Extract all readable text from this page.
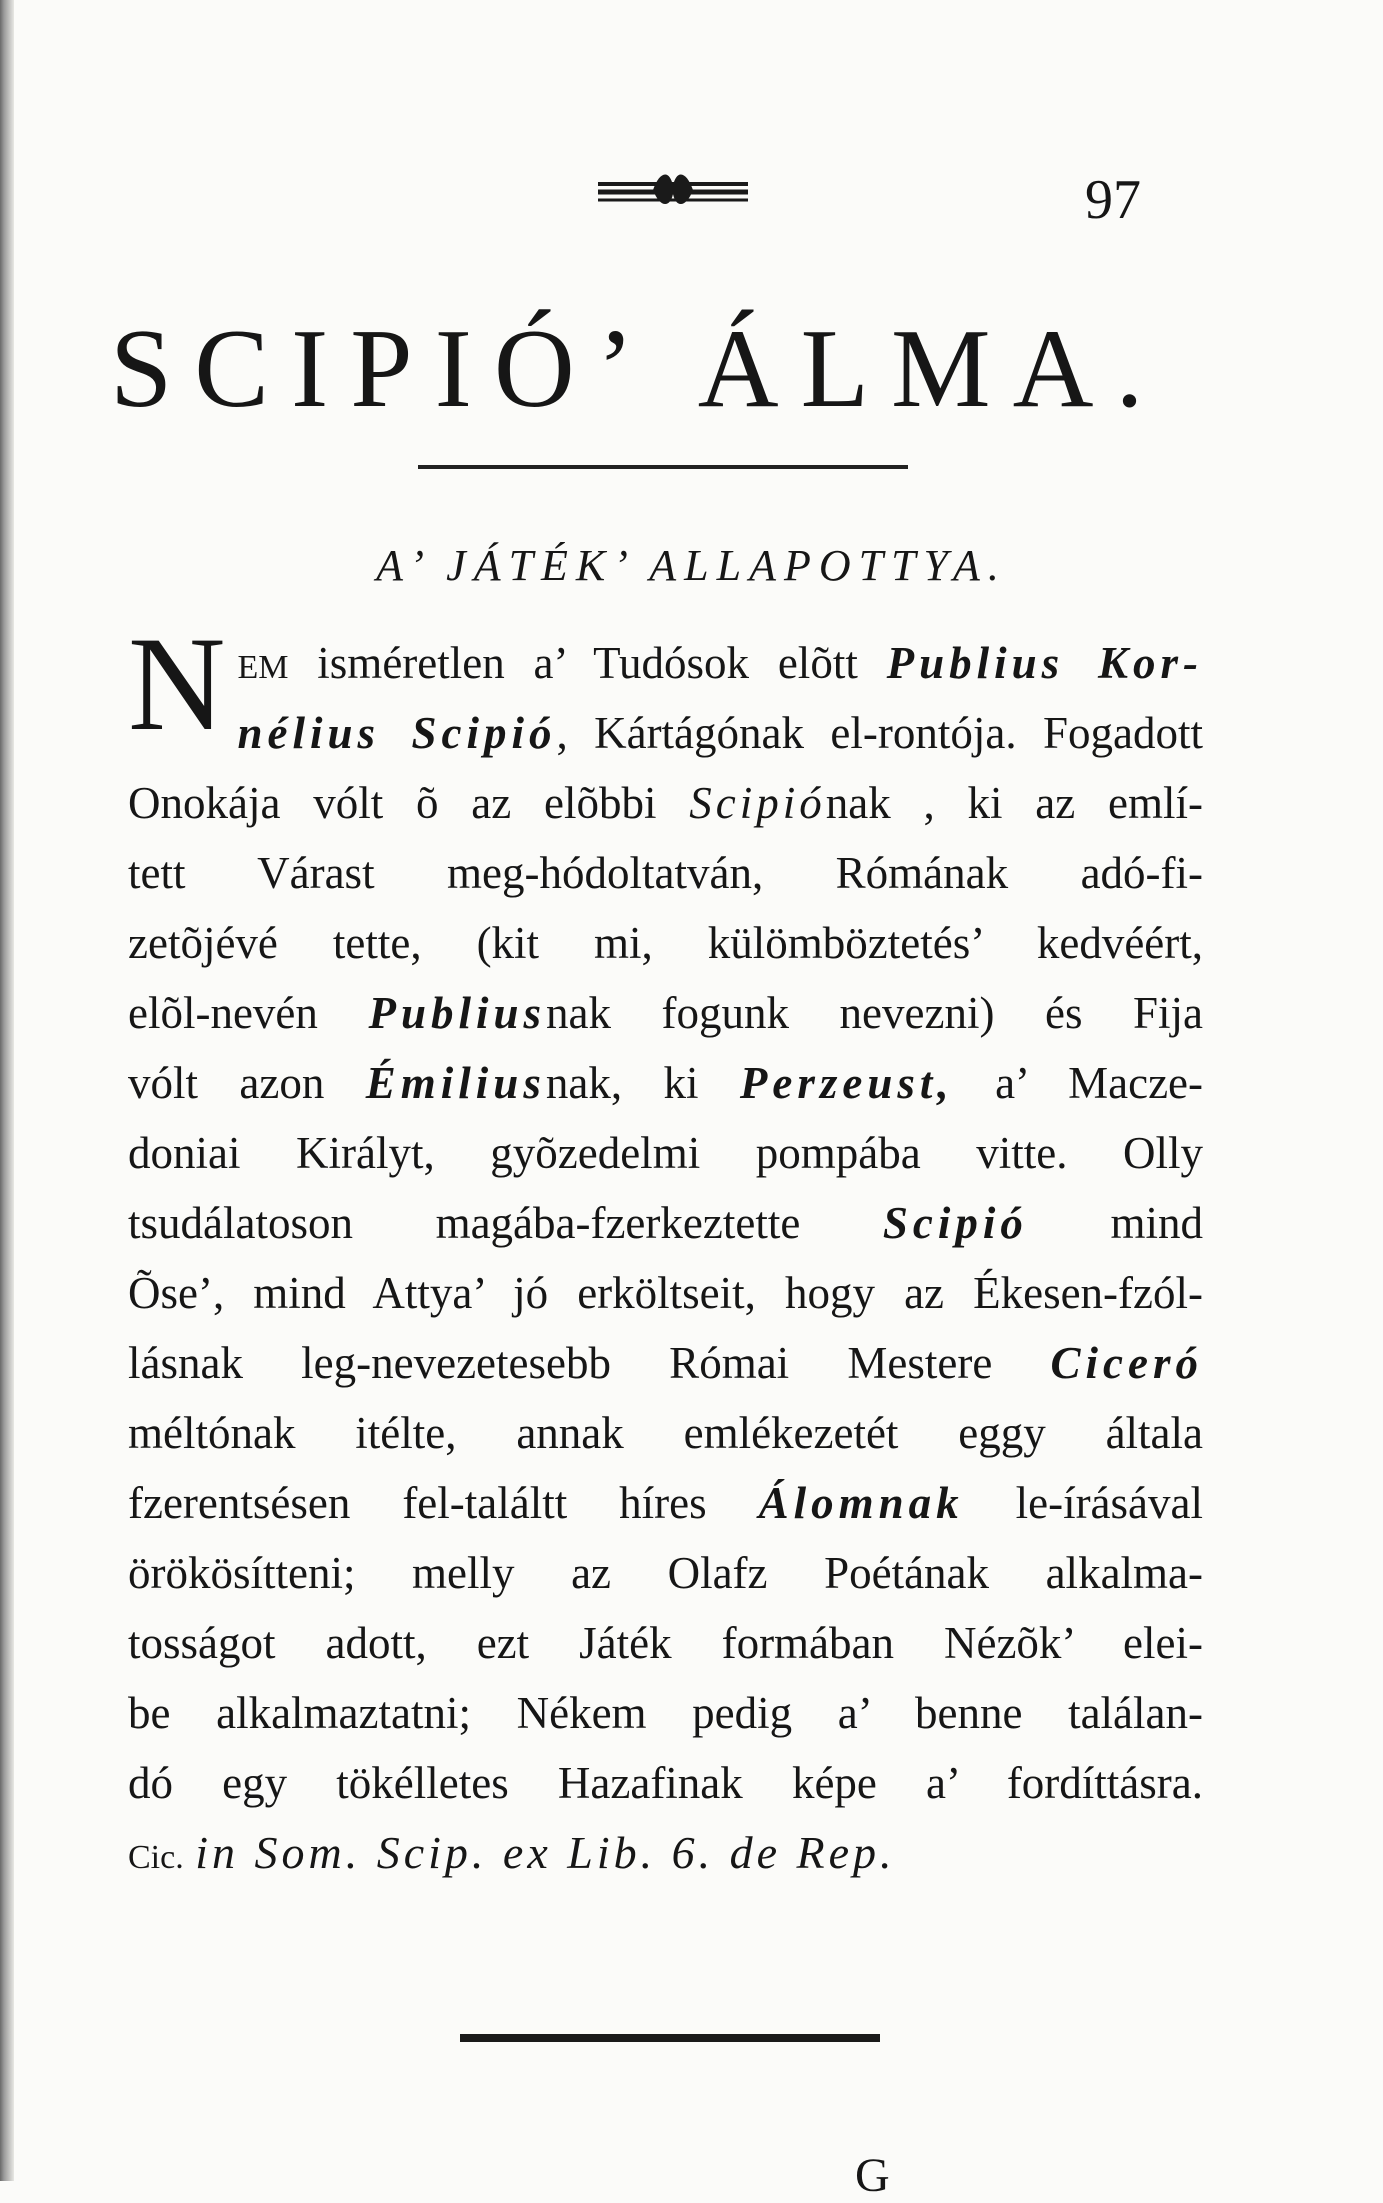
97
SCIPIÓ’ ÁLMA.
A’ JÁTÉK’ ALLAPOTTYA.
N EM isméretlen a’ Tudósok elõtt Publius Kor-
nélius Scipió, Kártágónak el-rontója. Fogadott
Onokája vólt õ az elõbbi Scipiónak , ki az emlí-
tett Várast meg-hódoltatván, Rómának adó-fi-
zetõjévé tette, (kit mi, külömböztetés’ kedvéért,
elõl-nevén Publiusnak fogunk nevezni) és Fija
vólt azon Émiliusnak, ki Perzeust, a’ Macze-
doniai Királyt, gyõzedelmi pompába vitte. Olly
tsudálatoson magába-fzerkeztette Scipió mind
Õse’, mind Attya’ jó erköltseit, hogy az Ékesen-fzól-
lásnak leg-nevezetesebb Római Mestere Ciceró
méltónak itélte, annak emlékezetét eggy általa
fzerentsésen fel-találtt híres Álomnak le-írásával
örökösítteni; melly az Olafz Poétának alkalma-
tosságot adott, ezt Játék formában Nézõk’ elei-
be alkalmaztatni; Nékem pedig a’ benne találan-
dó egy tökélletes Hazafinak képe a’ fordíttásra.
Cic. in Som. Scip. ex Lib. 6. de Rep.
G
